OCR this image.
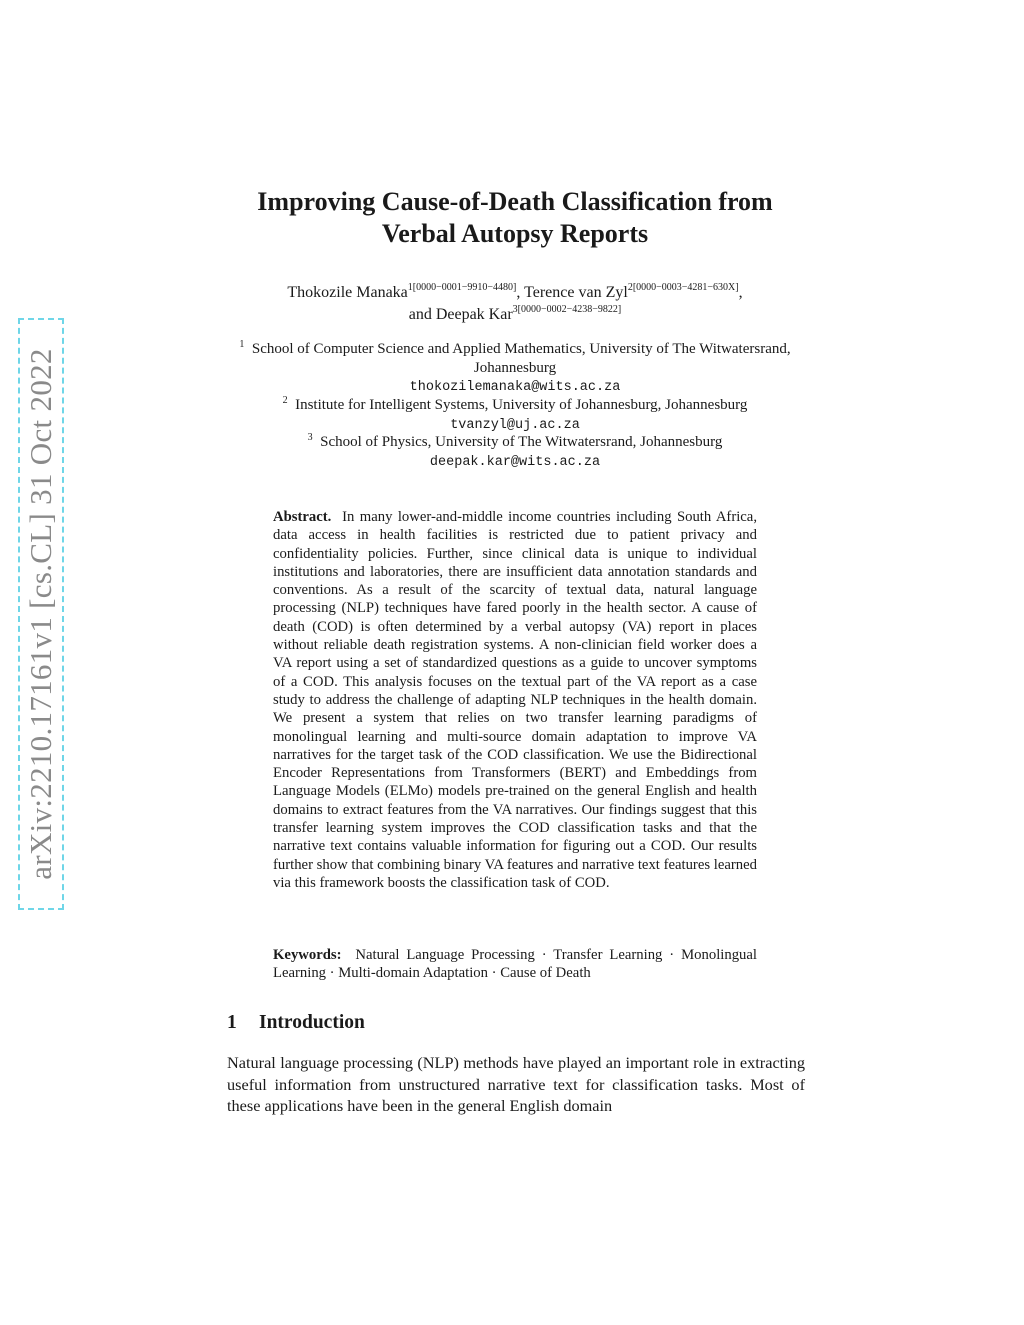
arXiv:2210.17161v1 [cs.CL] 31 Oct 2022
Improving Cause-of-Death Classification from Verbal Autopsy Reports
Thokozile Manaka$^{1[0000-0001-9910-4480]}$, Terence van Zyl$^{2[0000-0003-4281-630X]}$,
and Deepak Kar$^{3[0000-0002-4238-9822]}$
$^1$ School of Computer Science and Applied Mathematics, University of The Witwatersrand, Johannesburg
thokozilemanaka@wits.ac.za
$^2$ Institute for Intelligent Systems, University of Johannesburg, Johannesburg
tvanzyl@uj.ac.za
$^3$ School of Physics, University of The Witwatersrand, Johannesburg
deepak.kar@wits.ac.za
Abstract. In many lower-and-middle income countries including South Africa, data access in health facilities is restricted due to patient privacy and confidentiality policies. Further, since clinical data is unique to individual institutions and laboratories, there are insufficient data annotation standards and conventions. As a result of the scarcity of textual data, natural language processing (NLP) techniques have fared poorly in the health sector. A cause of death (COD) is often determined by a verbal autopsy (VA) report in places without reliable death registration systems. A non-clinician field worker does a VA report using a set of standardized questions as a guide to uncover symptoms of a COD. This analysis focuses on the textual part of the VA report as a case study to address the challenge of adapting NLP techniques in the health domain. We present a system that relies on two transfer learning paradigms of monolingual learning and multi-source domain adaptation to improve VA narratives for the target task of the COD classification. We use the Bidirectional Encoder Representations from Transformers (BERT) and Embeddings from Language Models (ELMo) models pre-trained on the general English and health domains to extract features from the VA narratives. Our findings suggest that this transfer learning system improves the COD classification tasks and that the narrative text contains valuable information for figuring out a COD. Our results further show that combining binary VA features and narrative text features learned via this framework boosts the classification task of COD.
Keywords: Natural Language Processing · Transfer Learning · Monolingual Learning · Multi-domain Adaptation · Cause of Death
1 Introduction
Natural language processing (NLP) methods have played an important role in extracting useful information from unstructured narrative text for classification tasks. Most of these applications have been in the general English domain
